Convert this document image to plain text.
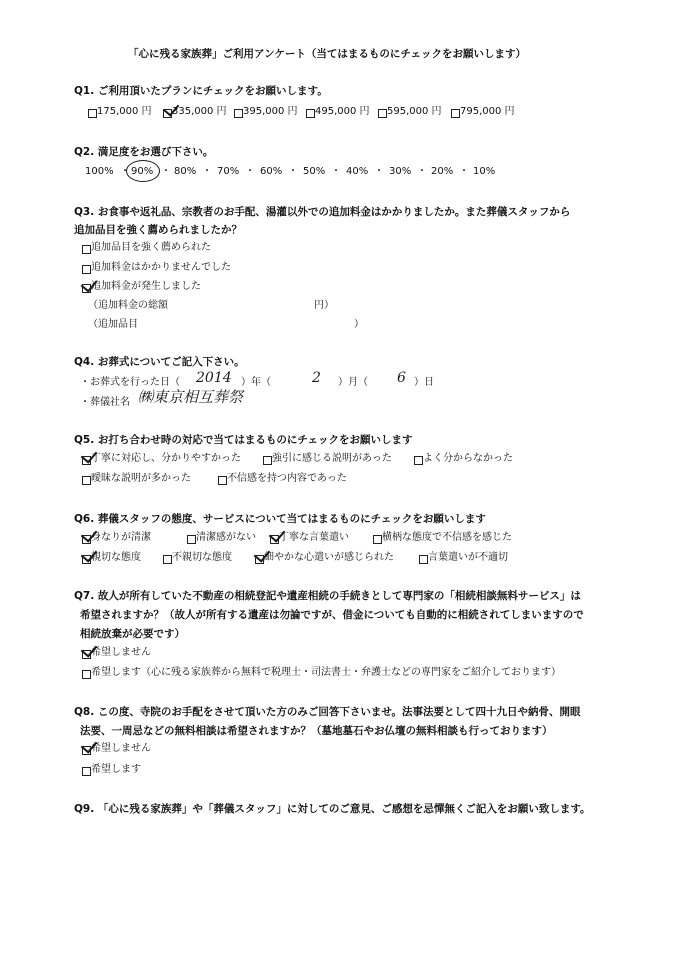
「心に残る家族葬」ご利用アンケート（当てはまるものにチェックをお願いします）
Q1. ご利用頂いたプランにチェックをお願いします。
175,000 円 335,000 円 395,000 円 495,000 円 595,000 円 795,000 円
Q2. 満足度をお選び下さい。
100% ・ 90% ・ 80% ・ 70% ・ 60% ・ 50% ・ 40% ・ 30% ・ 20% ・ 10%
Q3. お食事や返礼品、宗教者のお手配、湯灌以外での追加料金はかかりましたか。また葬儀スタッフから
追加品目を強く薦められましたか？
追加品目を強く薦められた
追加料金はかかりませんでした
追加料金が発生しました
（追加料金の総額	円）
（追加品目	）
Q4. お葬式についてご記入下さい。
・お葬式を行った日（ 2014 ）年（	2 ）月（ 6 ）日
・葬儀社名 ㈱東京相互葬祭
Q5. お打ち合わせ時の対応で当てはまるものにチェックをお願いします
丁寧に対応し、分かりやすかった	強引に感じる説明があった	よく分からなかった
曖昧な説明が多かった	不信感を持つ内容であった
Q6. 葬儀スタッフの態度、サービスについて当てはまるものにチェックをお願いします
身なりが清潔	清潔感がない 丁寧な言葉遣い	横柄な態度で不信感を感じた
親切な態度	不親切な態度	細やかな心遣いが感じられた	言葉遣いが不適切
Q7. 故人が所有していた不動産の相続登記や遺産相続の手続きとして専門家の「相続相談無料サービス」は
希望されますか？（故人が所有する遺産は勿論ですが、借金についても自動的に相続されてしまいますので
相続放棄が必要です）
希望しません
希望します（心に残る家族葬から無料で税理士・司法書士・弁護士などの専門家をご紹介しております）
Q8. この度、寺院のお手配をさせて頂いた方のみご回答下さいませ。法事法要として四十九日や納骨、開眼
法要、一周忌などの無料相談は希望されますか？（墓地墓石やお仏壇の無料相談も行っております）
希望しません
希望します
Q9. 「心に残る家族葬」や「葬儀スタッフ」に対してのご意見、ご感想を忌憚無くご記入をお願い致します。
